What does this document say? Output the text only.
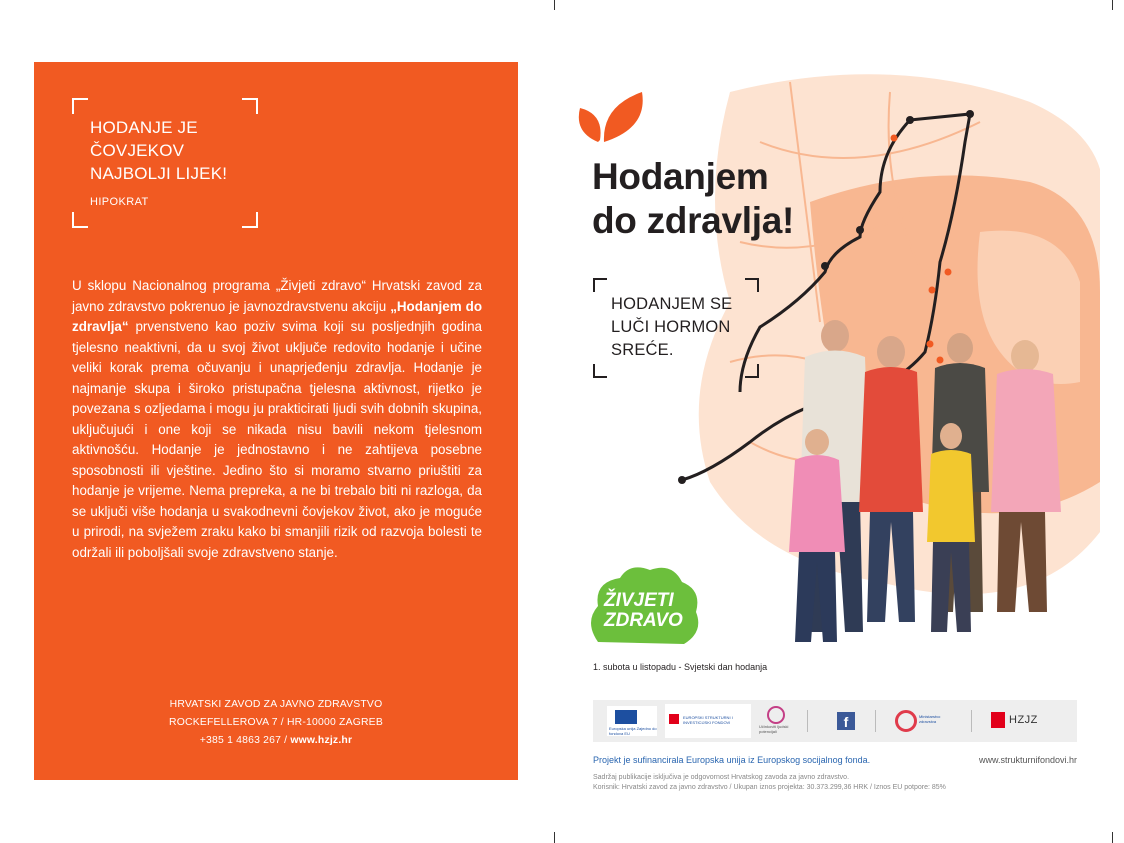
HODANJE JE ČOVJEKOV NAJBOLJI LIJEK!
HIPOKRAT
U sklopu Nacionalnog programa „Živjeti zdravo“ Hrvatski zavod za javno zdravstvo pokrenuo je javnozdravstvenu akciju „Hodanjem do zdravlja“ prvenstveno kao poziv svima koji su posljednjih godina tjelesno neaktivni, da u svoj život uključe redovito hodanje i učine veliki korak prema očuvanju i unaprjeđenju zdravlja. Hodanje je najmanje skupa i široko pristupačna tjelesna aktivnost, rijetko je povezana s ozljedama i mogu ju prakticirati ljudi svih dobnih skupina, uključujući i one koji se nikada nisu bavili nekom tjelesnom aktivnošću. Hodanje je jednostavno i ne zahtijeva posebne sposobnosti ili vještine. Jedino što si moramo stvarno priuštiti za hodanje je vrijeme. Nema prepreka, a ne bi trebalo biti ni razloga, da se uključi više hodanja u svakodnevni čovjekov život, ako je moguće u prirodi, na svježem zraku kako bi smanjili rizik od razvoja bolesti te održali ili poboljšali svoje zdravstveno stanje.
HRVATSKI ZAVOD ZA JAVNO ZDRAVSTVO
ROCKEFELLEROVA 7 / HR-10000 ZAGREB
+385 1 4863 267 / www.hzjz.hr
Hodanjem
do zdravlja!
HODANJEM SE LUČI HORMON SREĆE.
ŽIVJETI
ZDRAVO
1. subota u listopadu - Svjetski dan hodanja
Europska unija Zajedno do fondova EU
EUROPSKI STRUKTURNI I INVESTICIJSKI FONDOVI
Učinkoviti ljudski potencijali
f	Ministarstvo zdravstva	HZJZ
Projekt je sufinancirala Europska unija iz Europskog socijalnog fonda.	www.strukturnifondovi.hr
Sadržaj publikacije isključiva je odgovornost Hrvatskog zavoda za javno zdravstvo.
Korisnik: Hrvatski zavod za javno zdravstvo / Ukupan iznos projekta: 30.373.299,36 HRK / Iznos EU potpore: 85%
